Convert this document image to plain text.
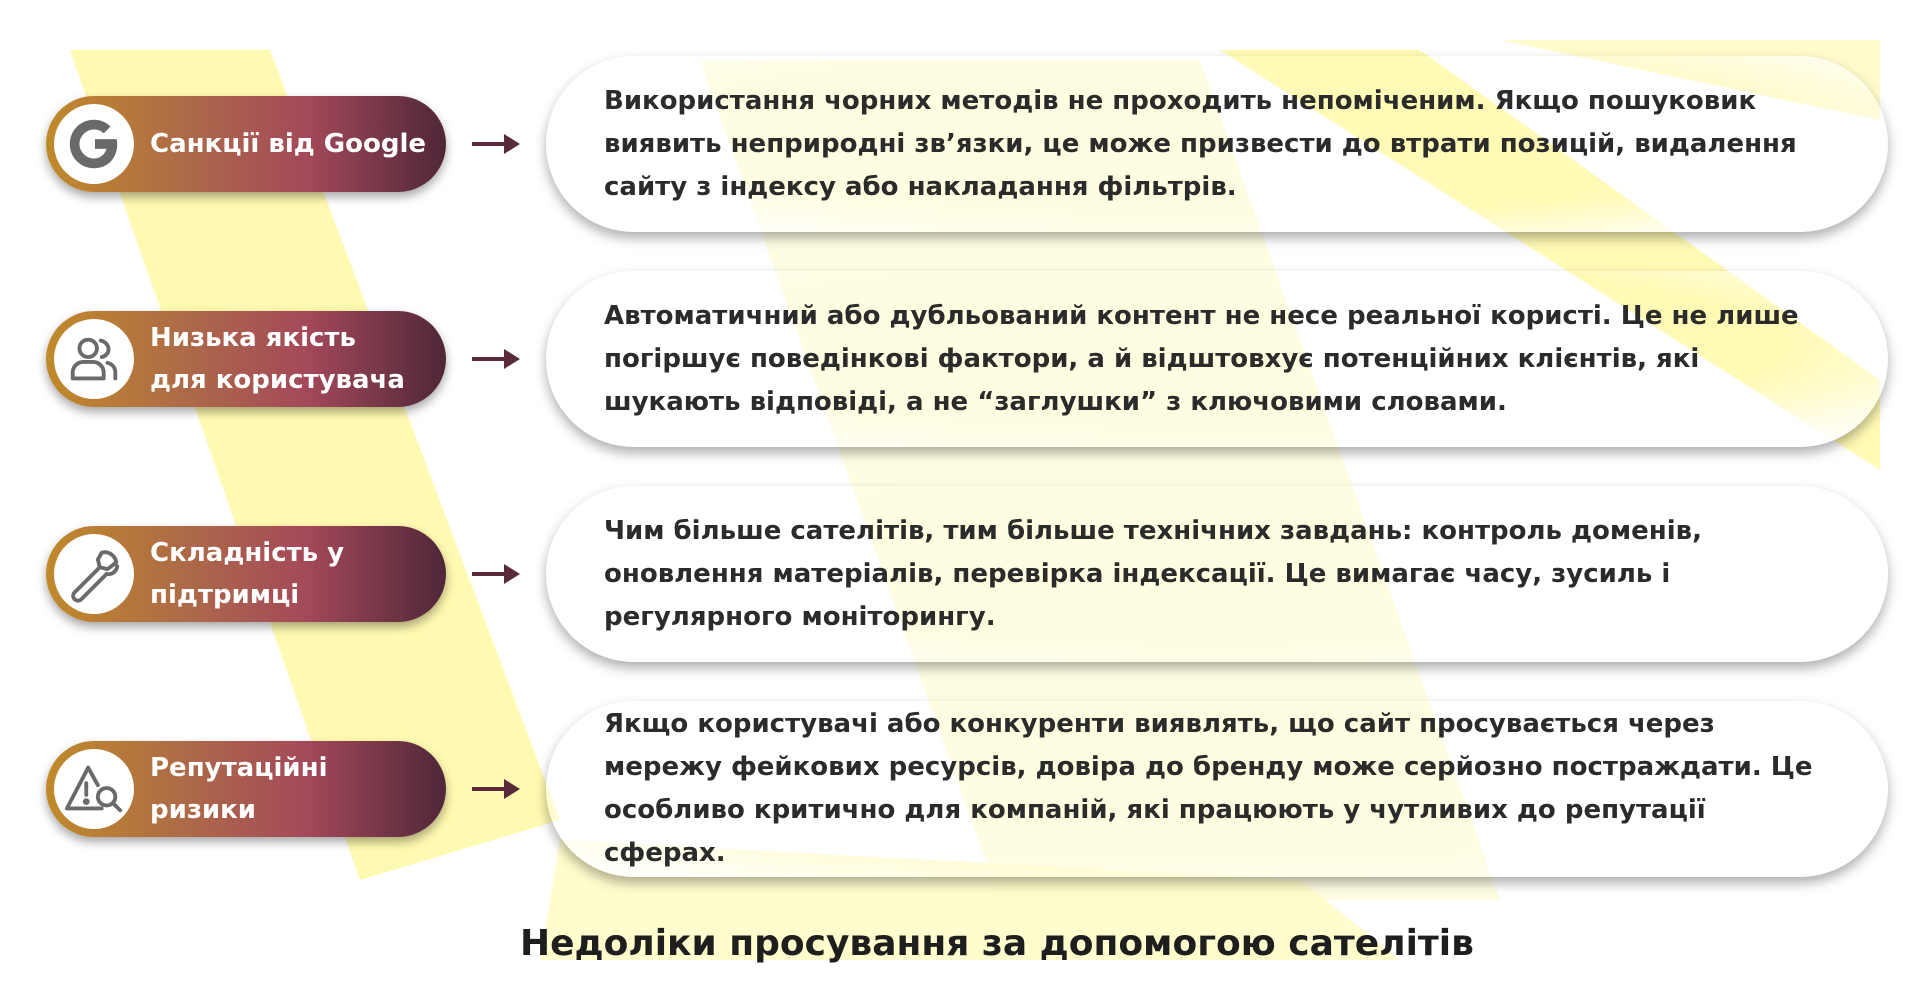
Санкції від Google
Використання чорних методів не проходить непоміченим. Якщо пошуковик виявить неприродні зв’язки, це може призвести до втрати позицій, видалення сайту з індексу або накладання фільтрів.
Низька якість
для користувача
Автоматичний або дубльований контент не несе реальної користі. Це не лише погіршує поведінкові фактори, а й відштовхує потенційних клієнтів, які шукають відповіді, а не “заглушки” з ключовими словами.
Складність у
підтримці
Чим більше сателітів, тим більше технічних завдань: контроль доменів, оновлення матеріалів, перевірка індексації. Це вимагає часу, зусиль і регулярного моніторингу.
Репутаційні
ризики
Якщо користувачі або конкуренти виявлять, що сайт просувається через мережу фейкових ресурсів, довіра до бренду може серйозно постраждати. Це особливо критично для компаній, які працюють у чутливих до репутації сферах.
Недоліки просування за допомогою сателітів
